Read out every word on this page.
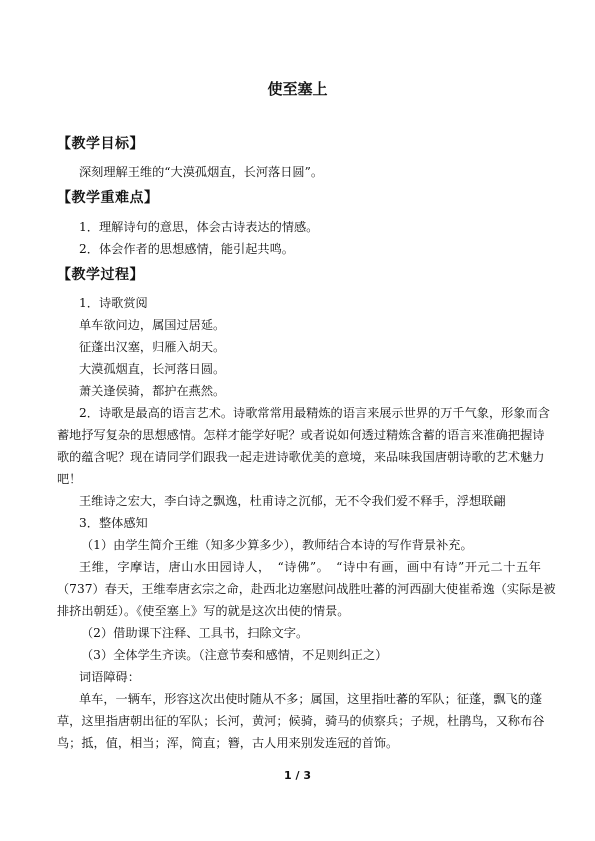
使至塞上
【教学目标】
深刻理解王维的“大漠孤烟直，长河落日圆”。
【教学重难点】
1．理解诗句的意思，体会古诗表达的情感。
2．体会作者的思想感情，能引起共鸣。
【教学过程】
1．诗歌赏阅
单车欲问边，属国过居延。
征蓬出汉塞，归雁入胡天。
大漠孤烟直，长河落日圆。
萧关逢侯骑，都护在燕然。
2．诗歌是最高的语言艺术。诗歌常常用最精炼的语言来展示世界的万千气象，形象而含
蓄地抒写复杂的思想感情。怎样才能学好呢？或者说如何透过精炼含蓄的语言来准确把握诗
歌的蕴含呢？现在请同学们跟我一起走进诗歌优美的意境，来品味我国唐朝诗歌的艺术魅力
吧！
王维诗之宏大，李白诗之飘逸，杜甫诗之沉郁，无不令我们爱不释手，浮想联翩
3．整体感知
（1）由学生简介王维（知多少算多少），教师结合本诗的写作背景补充。
王维，字摩诘，唐山水田园诗人，　“诗佛”。　“诗中有画，画中有诗”开元二十五年
（737）春天，王维奉唐玄宗之命，赴西北边塞慰问战胜吐蕃的河西副大使崔希逸（实际是被
排挤出朝廷）。《使至塞上》写的就是这次出使的情景。
（2）借助课下注释、工具书，扫除文字。
（3）全体学生齐读。（注意节奏和感情，不足则纠正之）
词语障碍：
单车，一辆车，形容这次出使时随从不多；属国，这里指吐蕃的军队；征蓬，飘飞的蓬
草，这里指唐朝出征的军队；长河，黄河；候骑，骑马的侦察兵；子规，杜鹃鸟，又称布谷
鸟；抵，值，相当；浑，简直；簪，古人用来别发连冠的首饰。
1 / 3
